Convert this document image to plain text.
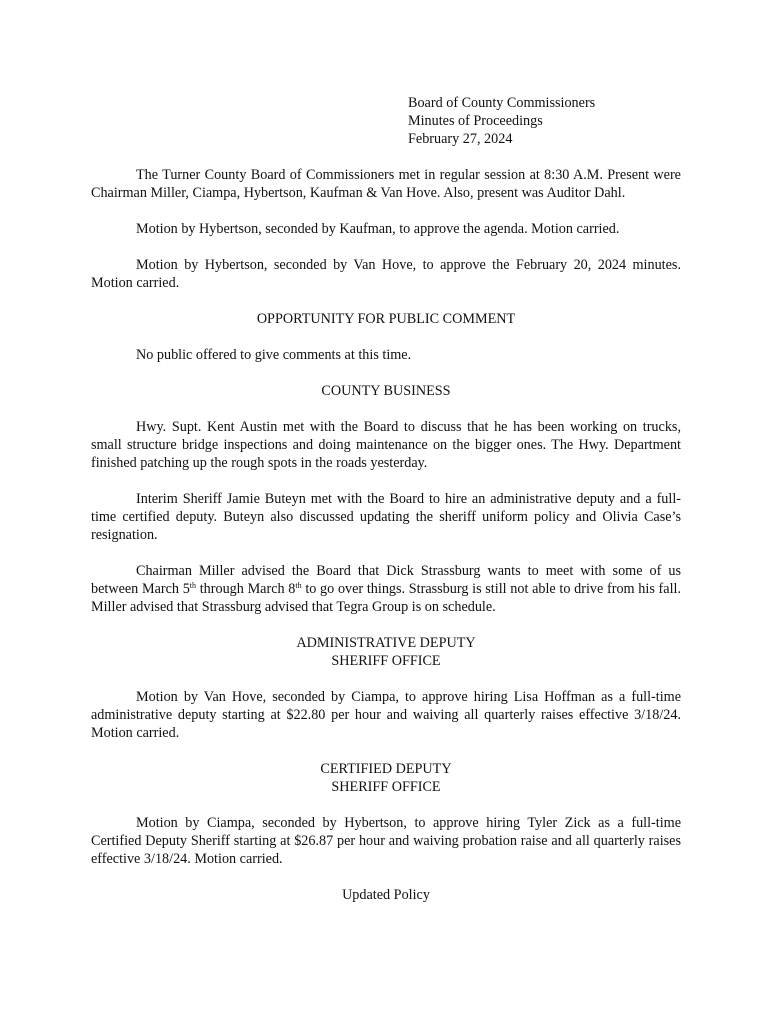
Board of County Commissioners
Minutes of Proceedings
February 27, 2024

The Turner County Board of Commissioners met in regular session at 8:30 A.M. Present were Chairman Miller, Ciampa, Hybertson, Kaufman & Van Hove. Also, present was Auditor Dahl.

Motion by Hybertson, seconded by Kaufman, to approve the agenda. Motion carried.

Motion by Hybertson, seconded by Van Hove, to approve the February 20, 2024 minutes. Motion carried.

OPPORTUNITY FOR PUBLIC COMMENT

No public offered to give comments at this time.

COUNTY BUSINESS

Hwy. Supt. Kent Austin met with the Board to discuss that he has been working on trucks, small structure bridge inspections and doing maintenance on the bigger ones. The Hwy. Department finished patching up the rough spots in the roads yesterday.

Interim Sheriff Jamie Buteyn met with the Board to hire an administrative deputy and a full-time certified deputy. Buteyn also discussed updating the sheriff uniform policy and Olivia Case’s resignation.

Chairman Miller advised the Board that Dick Strassburg wants to meet with some of us between March 5th through March 8th to go over things. Strassburg is still not able to drive from his fall. Miller advised that Strassburg advised that Tegra Group is on schedule.

ADMINISTRATIVE DEPUTY

SHERIFF OFFICE

Motion by Van Hove, seconded by Ciampa, to approve hiring Lisa Hoffman as a full-time administrative deputy starting at $22.80 per hour and waiving all quarterly raises effective 3/18/24. Motion carried.

CERTIFIED DEPUTY

SHERIFF OFFICE

Motion by Ciampa, seconded by Hybertson, to approve hiring Tyler Zick as a full-time Certified Deputy Sheriff starting at $26.87 per hour and waiving probation raise and all quarterly raises effective 3/18/24. Motion carried.

Updated Policy
